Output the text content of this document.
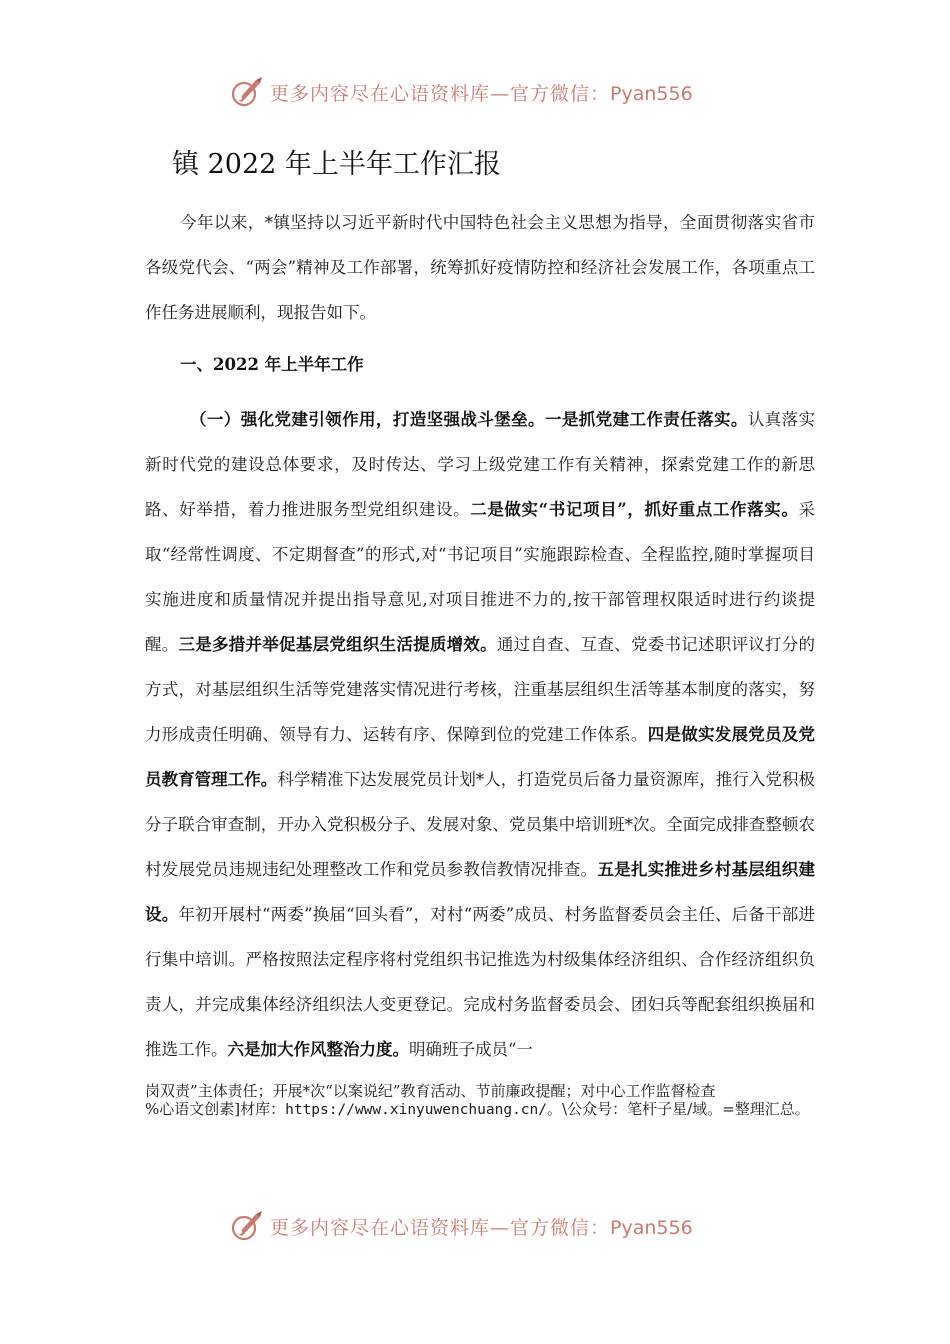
更多内容尽在心语资料库—官方微信：Pyan556
镇 2022 年上半年工作汇报

今年以来，*镇坚持以习近平新时代中国特色社会主义思想为指导，全面贯彻落实省市各级党代会、“两会”精神及工作部署，统筹抓好疫情防控和经济社会发展工作，各项重点工作任务进展顺利，现报告如下。

一、2022 年上半年工作

（一）强化党建引领作用，打造坚强战斗堡垒。一是抓党建工作责任落实。认真落实新时代党的建设总体要求，及时传达、学习上级党建工作有关精神，探索党建工作的新思路、好举措，着力推进服务型党组织建设。二是做实“书记项目”，抓好重点工作落实。采取“经常性调度、不定期督查”的形式,对“书记项目”实施跟踪检查、全程监控,随时掌握项目实施进度和质量情况并提出指导意见,对项目推进不力的,按干部管理权限适时进行约谈提醒。三是多措并举促基层党组织生活提质增效。通过自查、互查、党委书记述职评议打分的方式，对基层组织生活等党建落实情况进行考核，注重基层组织生活等基本制度的落实，努力形成责任明确、领导有力、运转有序、保障到位的党建工作体系。四是做实发展党员及党员教育管理工作。科学精准下达发展党员计划*人，打造党员后备力量资源库，推行入党积极分子联合审查制，开办入党积极分子、发展对象、党员集中培训班*次。全面完成排查整顿农村发展党员违规违纪处理整改工作和党员参教信教情况排查。五是扎实推进乡村基层组织建设。年初开展村“两委”换届“回头看”，对村“两委”成员、村务监督委员会主任、后备干部进行集中培训。严格按照法定程序将村党组织书记推选为村级集体经济组织、合作经济组织负责人，并完成集体经济组织法人变更登记。完成村务监督委员会、团妇兵等配套组织换届和推选工作。六是加大作风整治力度。明确班子成员“一

岗双责”主体责任；开展*次“以案说纪”教育活动、节前廉政提醒；对中心工作监督检查
%心语文创素]材库：https://www.xinyuwenchuang.cn/。\公众号：笔杆子星/域。=整理汇总。

更多内容尽在心语资料库—官方微信：Pyan556
